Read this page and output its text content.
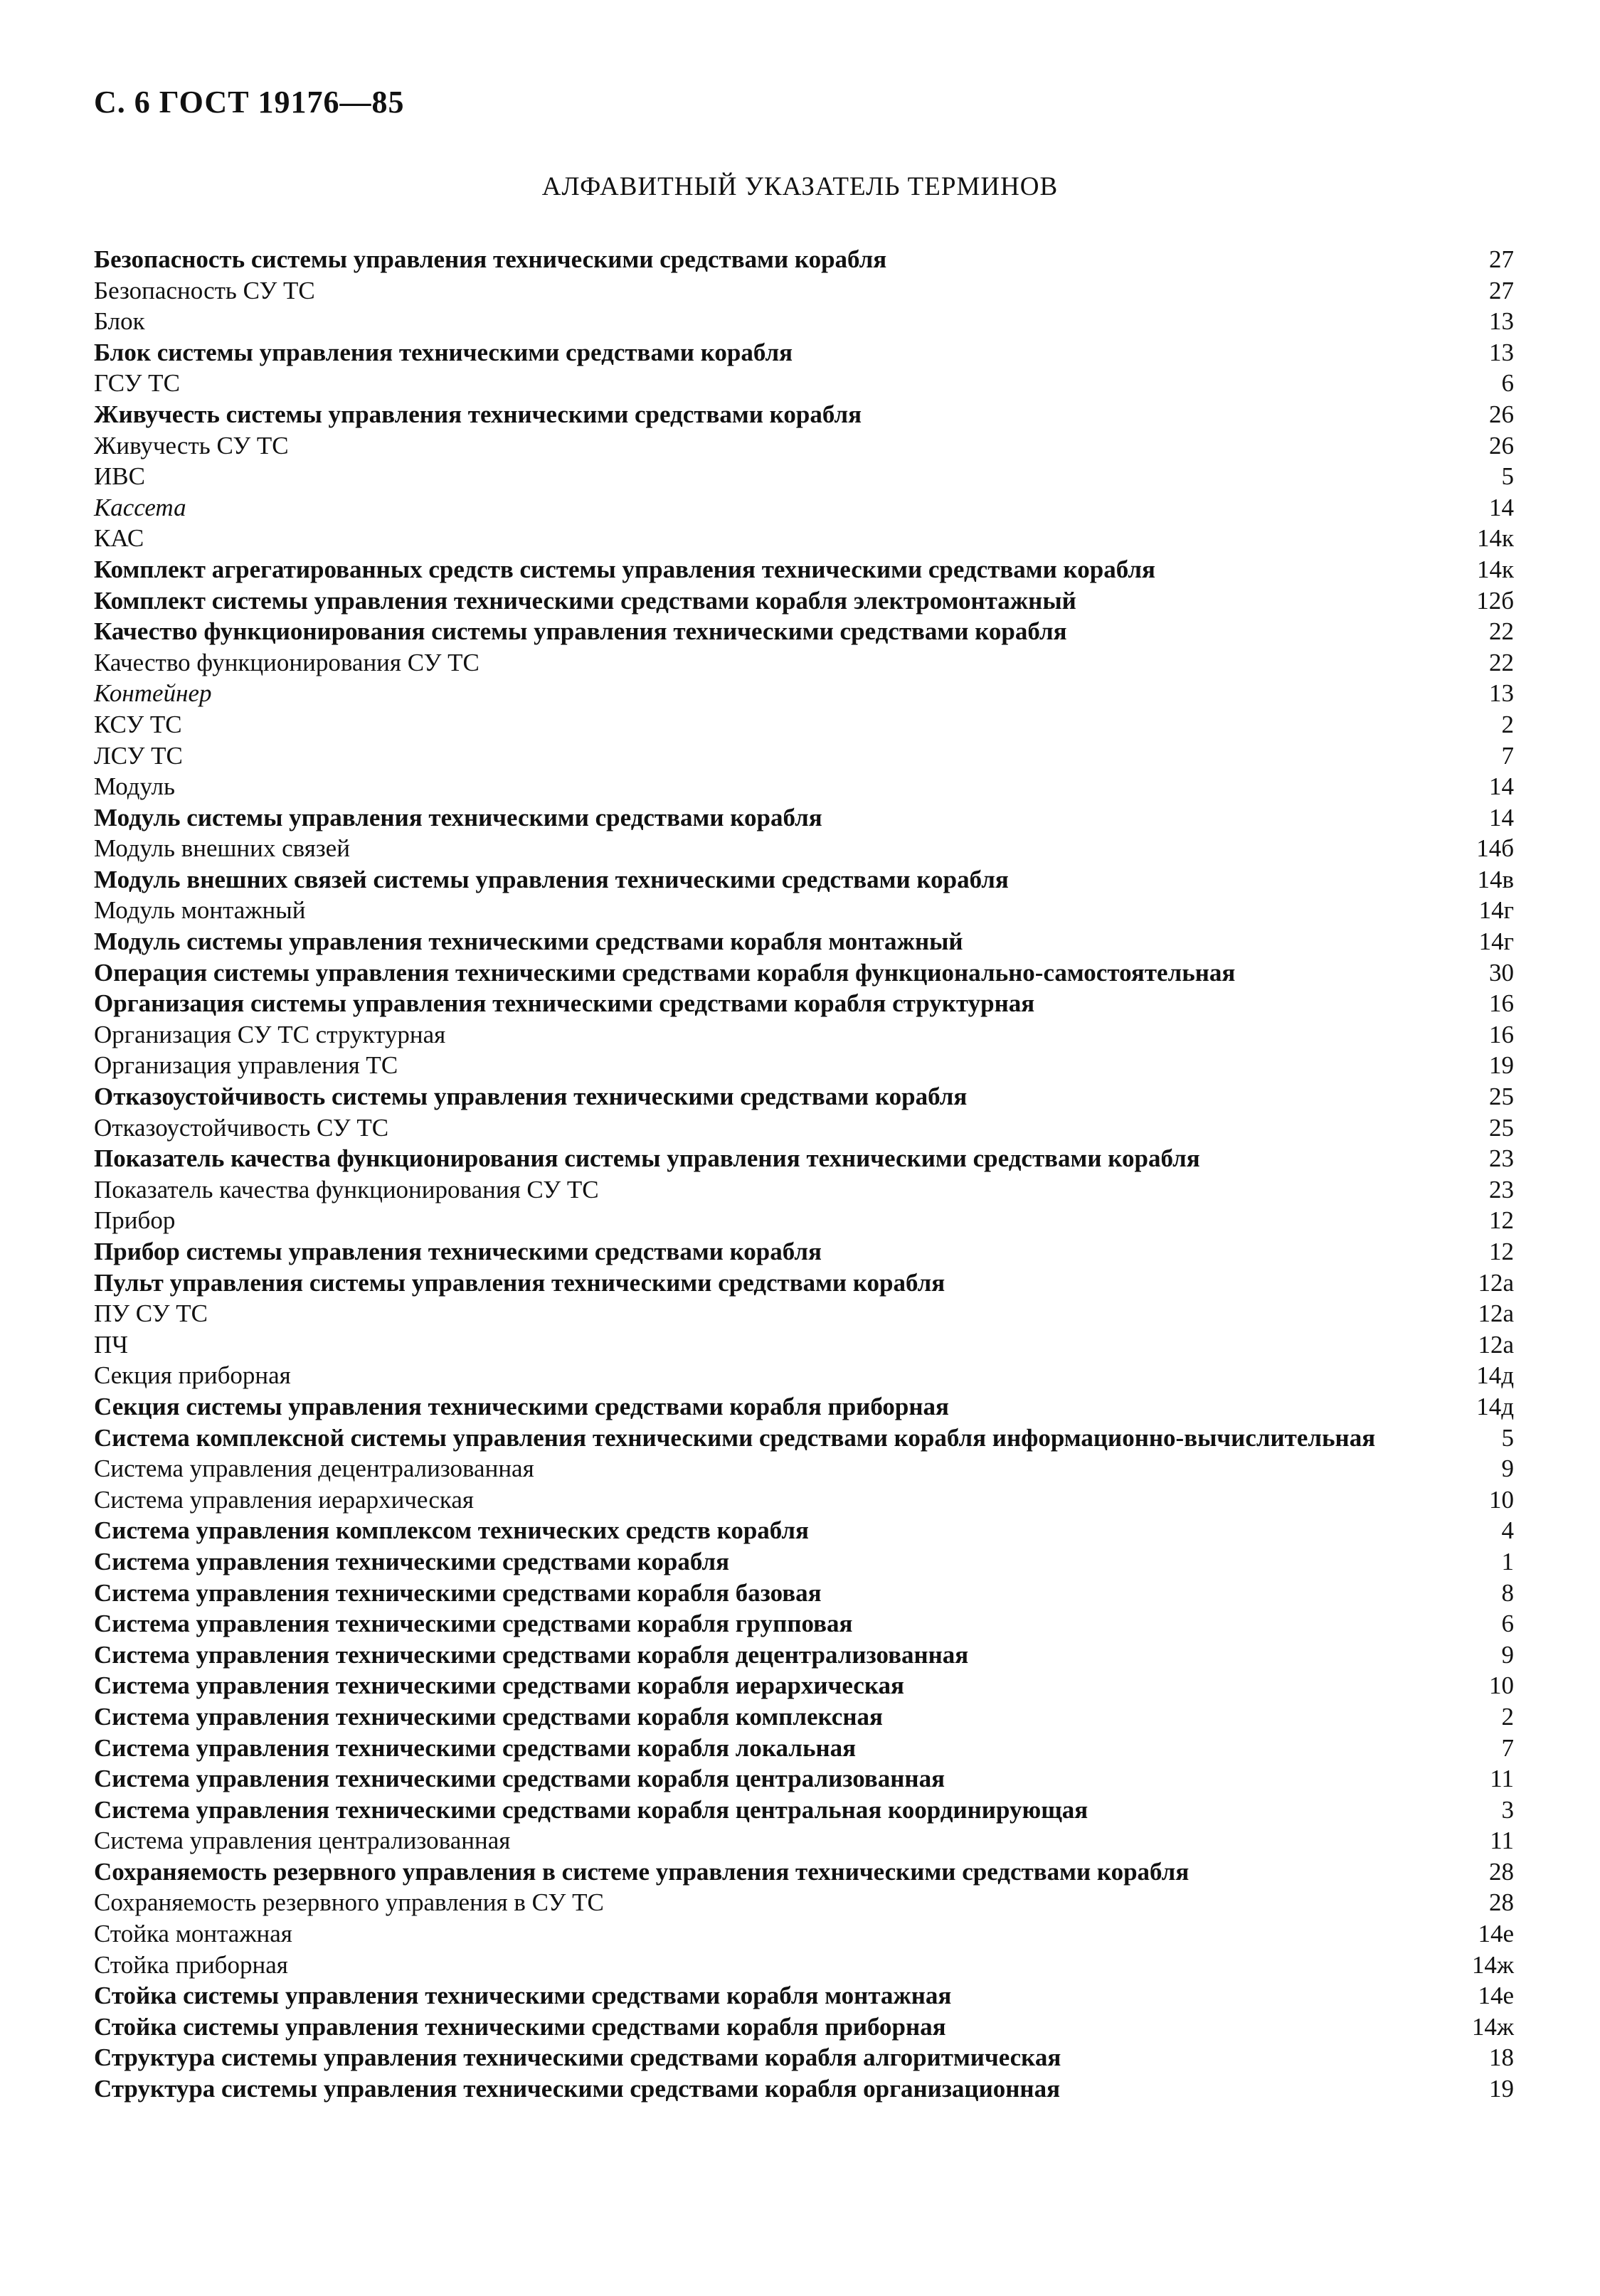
С. 6 ГОСТ 19176—85
АЛФАВИТНЫЙ УКАЗАТЕЛЬ ТЕРМИНОВ
Безопасность системы управления техническими средствами корабля	27
Безопасность СУ ТС	27
Блок	13
Блок системы управления техническими средствами корабля	13
ГСУ ТС	6
Живучесть системы управления техническими средствами корабля	26
Живучесть СУ ТС	26
ИВС	5
Кассета	14
КАС	14к
Комплект агрегатированных средств системы управления техническими средствами корабля	14к
Комплект системы управления техническими средствами корабля электромонтажный	12б
Качество функционирования системы управления техническими средствами корабля	22
Качество функционирования СУ ТС	22
Контейнер	13
КСУ ТС	2
ЛСУ ТС	7
Модуль	14
Модуль системы управления техническими средствами корабля	14
Модуль внешних связей	14б
Модуль внешних связей системы управления техническими средствами корабля	14в
Модуль монтажный	14г
Модуль системы управления техническими средствами корабля монтажный	14г
Операция системы управления техническими средствами корабля функционально-самостоятельная	30
Организация системы управления техническими средствами корабля структурная	16
Организация СУ ТС структурная	16
Организация управления ТС	19
Отказоустойчивость системы управления техническими средствами корабля	25
Отказоустойчивость СУ ТС	25
Показатель качества функционирования системы управления техническими средствами корабля	23
Показатель качества функционирования СУ ТС	23
Прибор	12
Прибор системы управления техническими средствами корабля	12
Пульт управления системы управления техническими средствами корабля	12а
ПУ СУ ТС	12а
ПЧ	12а
Секция приборная	14д
Секция системы управления техническими средствами корабля приборная	14д
Система комплексной системы управления техническими средствами корабля информационно-вычислительная	5
Система управления децентрализованная	9
Система управления иерархическая	10
Система управления комплексом технических средств корабля	4
Система управления техническими средствами корабля	1
Система управления техническими средствами корабля базовая	8
Система управления техническими средствами корабля групповая	6
Система управления техническими средствами корабля децентрализованная	9
Система управления техническими средствами корабля иерархическая	10
Система управления техническими средствами корабля комплексная	2
Система управления техническими средствами корабля локальная	7
Система управления техническими средствами корабля централизованная	11
Система управления техническими средствами корабля центральная координирующая	3
Система управления централизованная	11
Сохраняемость резервного управления в системе управления техническими средствами корабля	28
Сохраняемость резервного управления в СУ ТС	28
Стойка монтажная	14е
Стойка приборная	14ж
Стойка системы управления техническими средствами корабля монтажная	14е
Стойка системы управления техническими средствами корабля приборная	14ж
Структура системы управления техническими средствами корабля алгоритмическая	18
Структура системы управления техническими средствами корабля организационная	19
